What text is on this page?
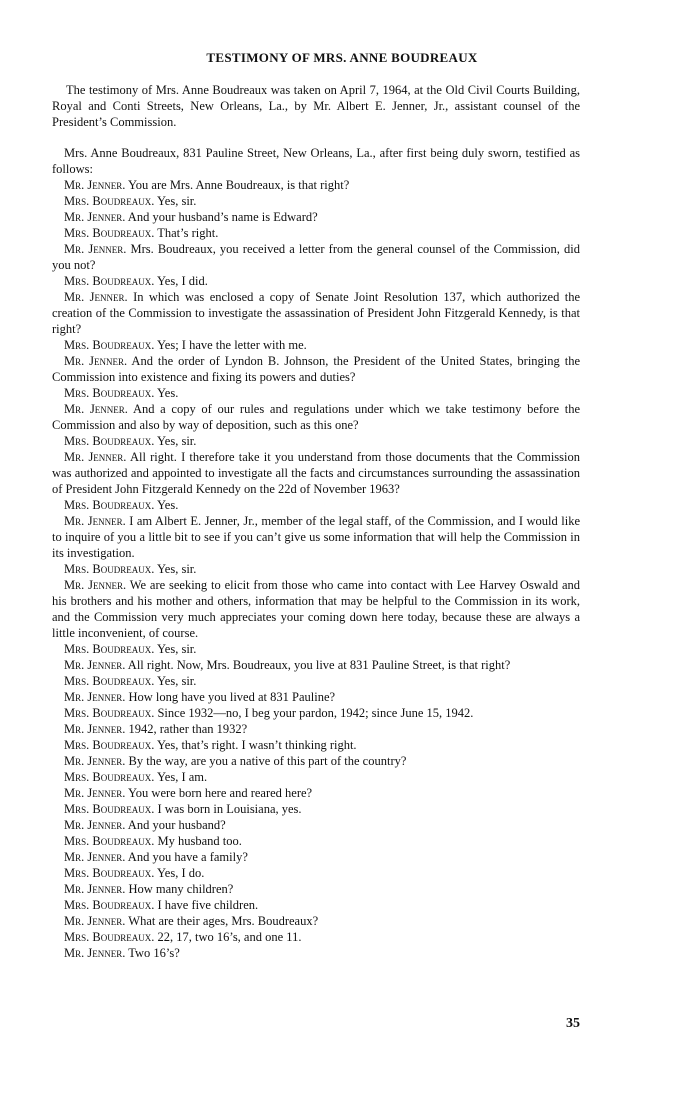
TESTIMONY OF MRS. ANNE BOUDREAUX

The testimony of Mrs. Anne Boudreaux was taken on April 7, 1964, at the Old Civil Courts Building, Royal and Conti Streets, New Orleans, La., by Mr. Albert E. Jenner, Jr., assistant counsel of the President’s Commission.

Mrs. Anne Boudreaux, 831 Pauline Street, New Orleans, La., after first being duly sworn, testified as follows:

Mr. Jenner. You are Mrs. Anne Boudreaux, is that right?

Mrs. Boudreaux. Yes, sir.

Mr. Jenner. And your husband’s name is Edward?

Mrs. Boudreaux. That’s right.

Mr. Jenner. Mrs. Boudreaux, you received a letter from the general counsel of the Commission, did you not?

Mrs. Boudreaux. Yes, I did.

Mr. Jenner. In which was enclosed a copy of Senate Joint Resolution 137, which authorized the creation of the Commission to investigate the assassination of President John Fitzgerald Kennedy, is that right?

Mrs. Boudreaux. Yes; I have the letter with me.

Mr. Jenner. And the order of Lyndon B. Johnson, the President of the United States, bringing the Commission into existence and fixing its powers and duties?

Mrs. Boudreaux. Yes.

Mr. Jenner. And a copy of our rules and regulations under which we take testimony before the Commission and also by way of deposition, such as this one?

Mrs. Boudreaux. Yes, sir.

Mr. Jenner. All right. I therefore take it you understand from those documents that the Commission was authorized and appointed to investigate all the facts and circumstances surrounding the assassination of President John Fitzgerald Kennedy on the 22d of November 1963?

Mrs. Boudreaux. Yes.

Mr. Jenner. I am Albert E. Jenner, Jr., member of the legal staff, of the Commission, and I would like to inquire of you a little bit to see if you can’t give us some information that will help the Commission in its investigation.

Mrs. Boudreaux. Yes, sir.

Mr. Jenner. We are seeking to elicit from those who came into contact with Lee Harvey Oswald and his brothers and his mother and others, information that may be helpful to the Commission in its work, and the Commission very much appreciates your coming down here today, because these are always a little inconvenient, of course.

Mrs. Boudreaux. Yes, sir.

Mr. Jenner. All right. Now, Mrs. Boudreaux, you live at 831 Pauline Street, is that right?

Mrs. Boudreaux. Yes, sir.

Mr. Jenner. How long have you lived at 831 Pauline?

Mrs. Boudreaux. Since 1932—no, I beg your pardon, 1942; since June 15, 1942.

Mr. Jenner. 1942, rather than 1932?

Mrs. Boudreaux. Yes, that’s right. I wasn’t thinking right.

Mr. Jenner. By the way, are you a native of this part of the country?

Mrs. Boudreaux. Yes, I am.

Mr. Jenner. You were born here and reared here?

Mrs. Boudreaux. I was born in Louisiana, yes.

Mr. Jenner. And your husband?

Mrs. Boudreaux. My husband too.

Mr. Jenner. And you have a family?

Mrs. Boudreaux. Yes, I do.

Mr. Jenner. How many children?

Mrs. Boudreaux. I have five children.

Mr. Jenner. What are their ages, Mrs. Boudreaux?

Mrs. Boudreaux. 22, 17, two 16’s, and one 11.

Mr. Jenner. Two 16’s?

35
